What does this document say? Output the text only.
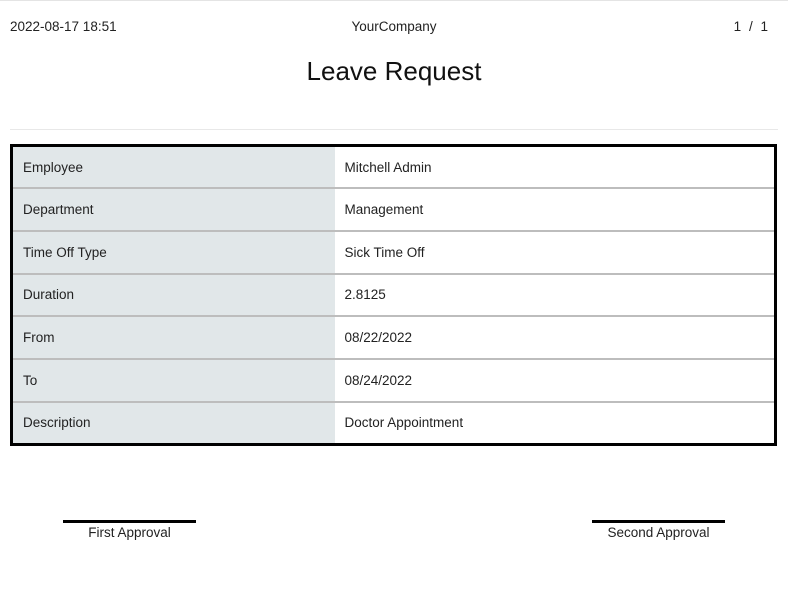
2022-08-17 18:51	YourCompany	1 / 1
Leave Request
Employee	Mitchell Admin
Department	Management
Time Off Type	Sick Time Off
Duration	2.8125
From	08/22/2022
To	08/24/2022
Description	Doctor Appointment
First Approval	Second Approval
